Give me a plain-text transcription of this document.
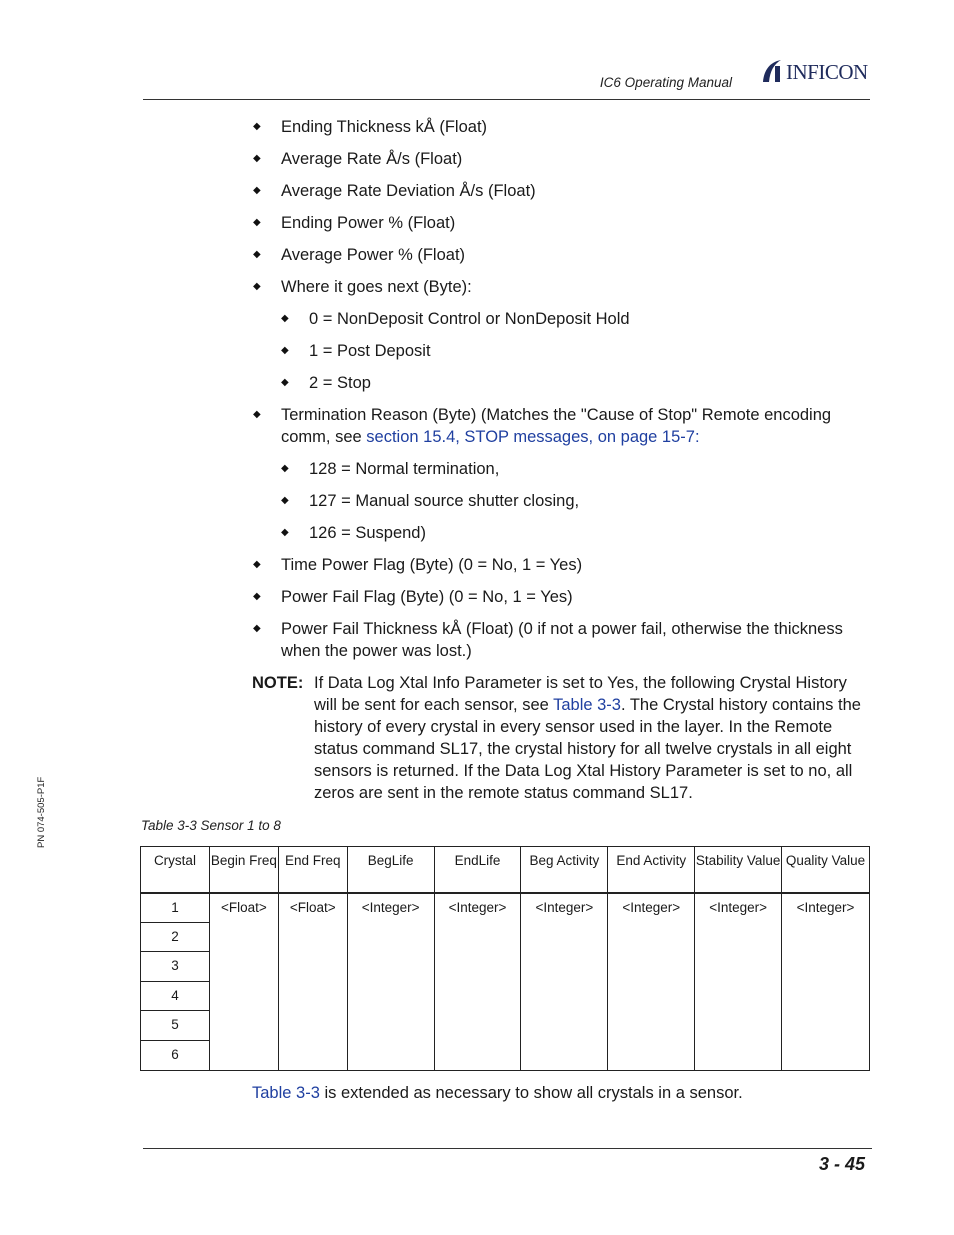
IC6 Operating Manual	INFICON
PN 074-505-P1F
◆ Ending Thickness kÅ (Float)
◆ Average Rate Å/s (Float)
◆ Average Rate Deviation Å/s (Float)
◆ Ending Power % (Float)
◆ Average Power % (Float)
◆ Where it goes next (Byte):
◆ 0 = NonDeposit Control or NonDeposit Hold
◆ 1 = Post Deposit
◆ 2 = Stop
◆ Termination Reason (Byte) (Matches the "Cause of Stop" Remote encoding comm, see section 15.4, STOP messages, on page 15-7:
◆ 128 = Normal termination,
◆ 127 = Manual source shutter closing,
◆ 126 = Suspend)
◆ Time Power Flag (Byte) (0 = No, 1 = Yes)
◆ Power Fail Flag (Byte) (0 = No, 1 = Yes)
◆ Power Fail Thickness kÅ (Float) (0 if not a power fail, otherwise the thickness when the power was lost.)
NOTE: If Data Log Xtal Info Parameter is set to Yes, the following Crystal History will be sent for each sensor, see Table 3-3. The Crystal history contains the history of every crystal in every sensor used in the layer. In the Remote status command SL17, the crystal history for all twelve crystals in all eight sensors is returned. If the Data Log Xtal History Parameter is set to no, all zeros are sent in the remote status command SL17.
Table 3-3 Sensor 1 to 8
Crystal	Begin Freq	End Freq	BegLife	EndLife	Beg Activity	End Activity	Stability Value	Quality Value
1	<Float>	<Float>	<Integer>	<Integer>	<Integer>	<Integer>	<Integer>	<Integer>
2								
3								
4								
5								
6								
Table 3-3 is extended as necessary to show all crystals in a sensor.
3 - 45
